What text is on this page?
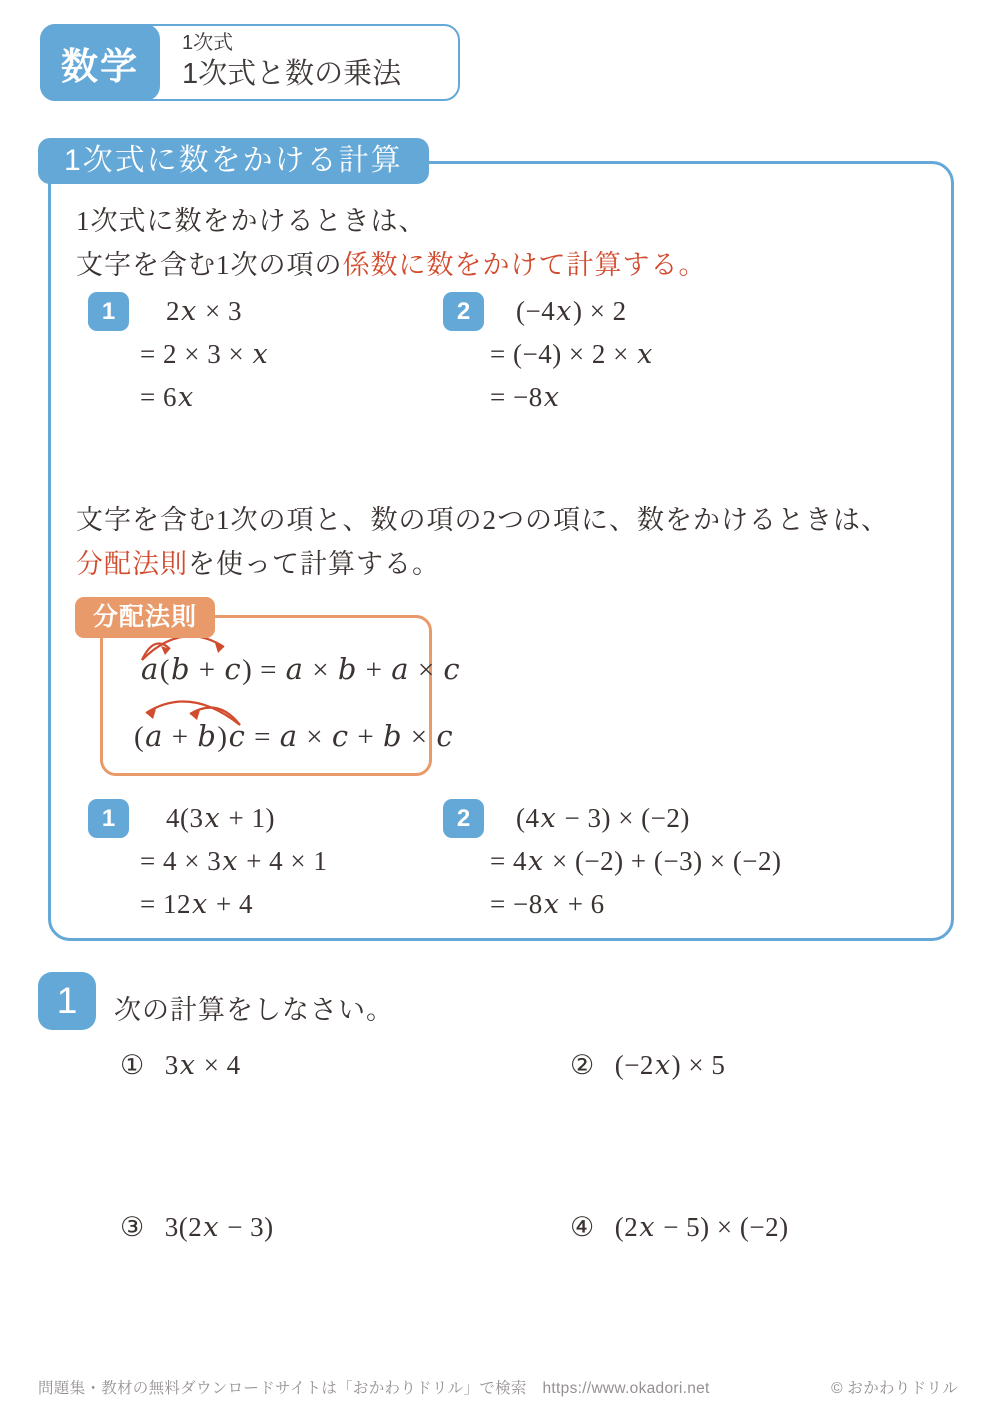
数学
1次式
1次式と数の乗法
1次式に数をかける計算
1次式に数をかけるときは、
文字を含む1次の項の係数に数をかけて計算する。
1	2x × 3
= 2 × 3 × x
= 6x
2	(−4x) × 2
= (−4) × 2 × x
= −8x
文字を含む1次の項と、数の項の2つの項に、数をかけるときは、
分配法則を使って計算する。
分配法則
a(b + c) = a × b + a × c
(a + b)c = a × c + b × c
1	4(3x + 1)
= 4 × 3x + 4 × 1
= 12x + 4
2	(4x − 3) × (−2)
= 4x × (−2) + (−3) × (−2)
= −8x + 6
1	次の計算をしなさい。
① 3x × 4	② (−2x) × 5
③ 3(2x − 3)	④ (2x − 5) × (−2)
問題集・教材の無料ダウンロードサイトは「おかわりドリル」で検索　https://www.okadori.net	© おかわりドリル
